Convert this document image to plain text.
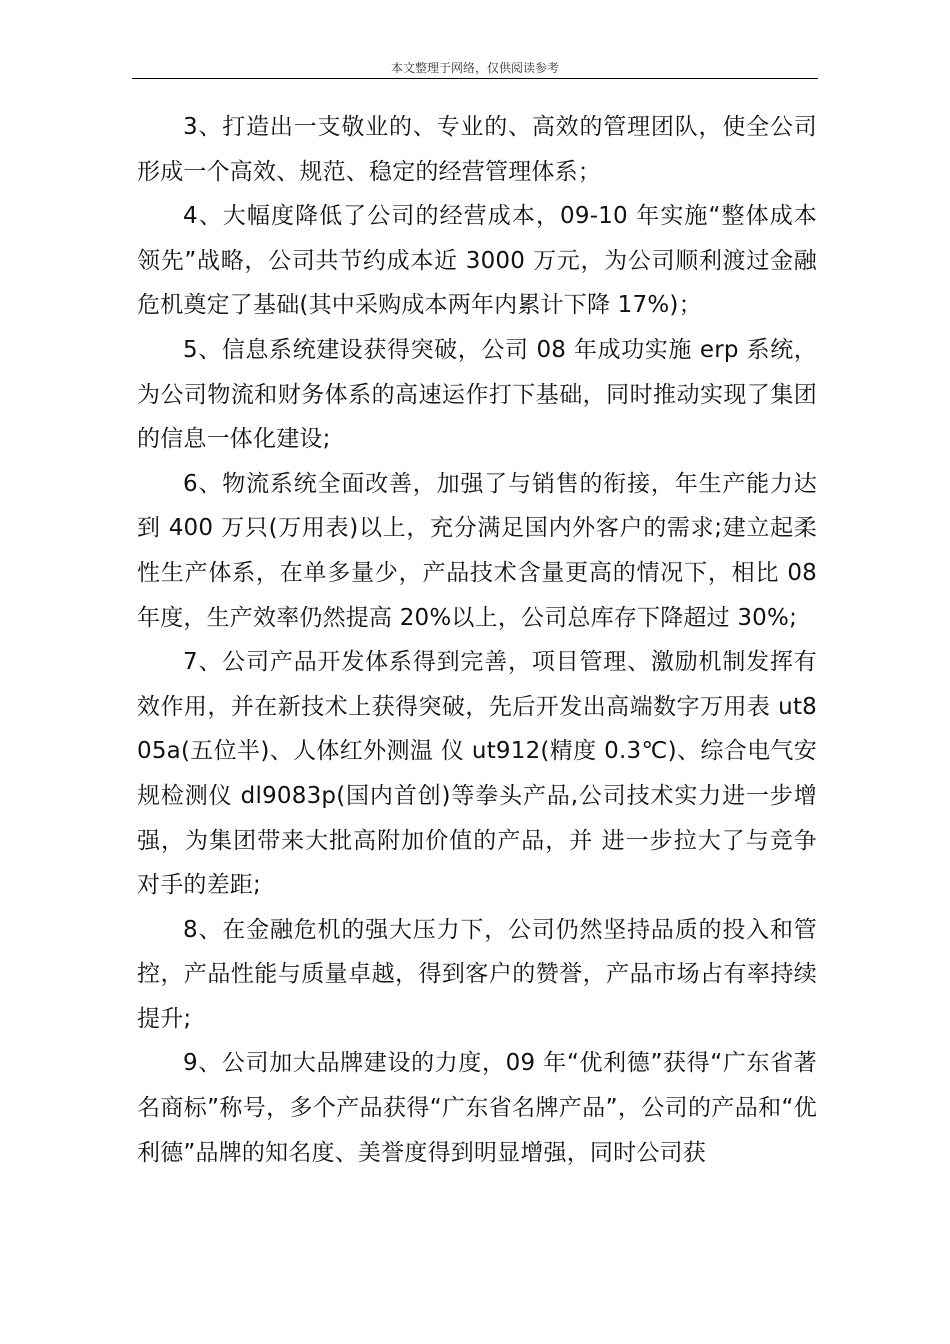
本文整理于网络，仅供阅读参考

3、打造出一支敬业的、专业的、高效的管理团队，使全公司形成一个高效、规范、稳定的经营管理体系；

4、大幅度降低了公司的经营成本，09-10 年实施“整体成本领先”战略，公司共节约成本近 3000 万元，为公司顺利渡过金融危机奠定了基础(其中采购成本两年内累计下降 17%)；

5、信息系统建设获得突破，公司 08 年成功实施 erp 系统，为公司物流和财务体系的高速运作打下基础，同时推动实现了集团的信息一体化建设;

6、物流系统全面改善，加强了与销售的衔接，年生产能力达到 400 万只(万用表)以上，充分满足国内外客户的需求;建立起柔性生产体系，在单多量少，产品技术含量更高的情况下，相比 08 年度，生产效率仍然提高 20%以上，公司总库存下降超过 30%;

7、公司产品开发体系得到完善，项目管理、激励机制发挥有效作用，并在新技术上获得突破，先后开发出高端数字万用表 ut805a(五位半)、人体红外测温 仪 ut912(精度 0.3℃)、综合电气安规检测仪 dl9083p(国内首创)等拳头产品,公司技术实力进一步增强，为集团带来大批高附加价值的产品，并 进一步拉大了与竞争对手的差距;

8、在金融危机的强大压力下，公司仍然坚持品质的投入和管控，产品性能与质量卓越，得到客户的赞誉，产品市场占有率持续提升;

9、公司加大品牌建设的力度，09 年“优利德”获得“广东省著名商标”称号，多个产品获得“广东省名牌产品”，公司的产品和“优利德”品牌的知名度、美誉度得到明显增强，同时公司获
